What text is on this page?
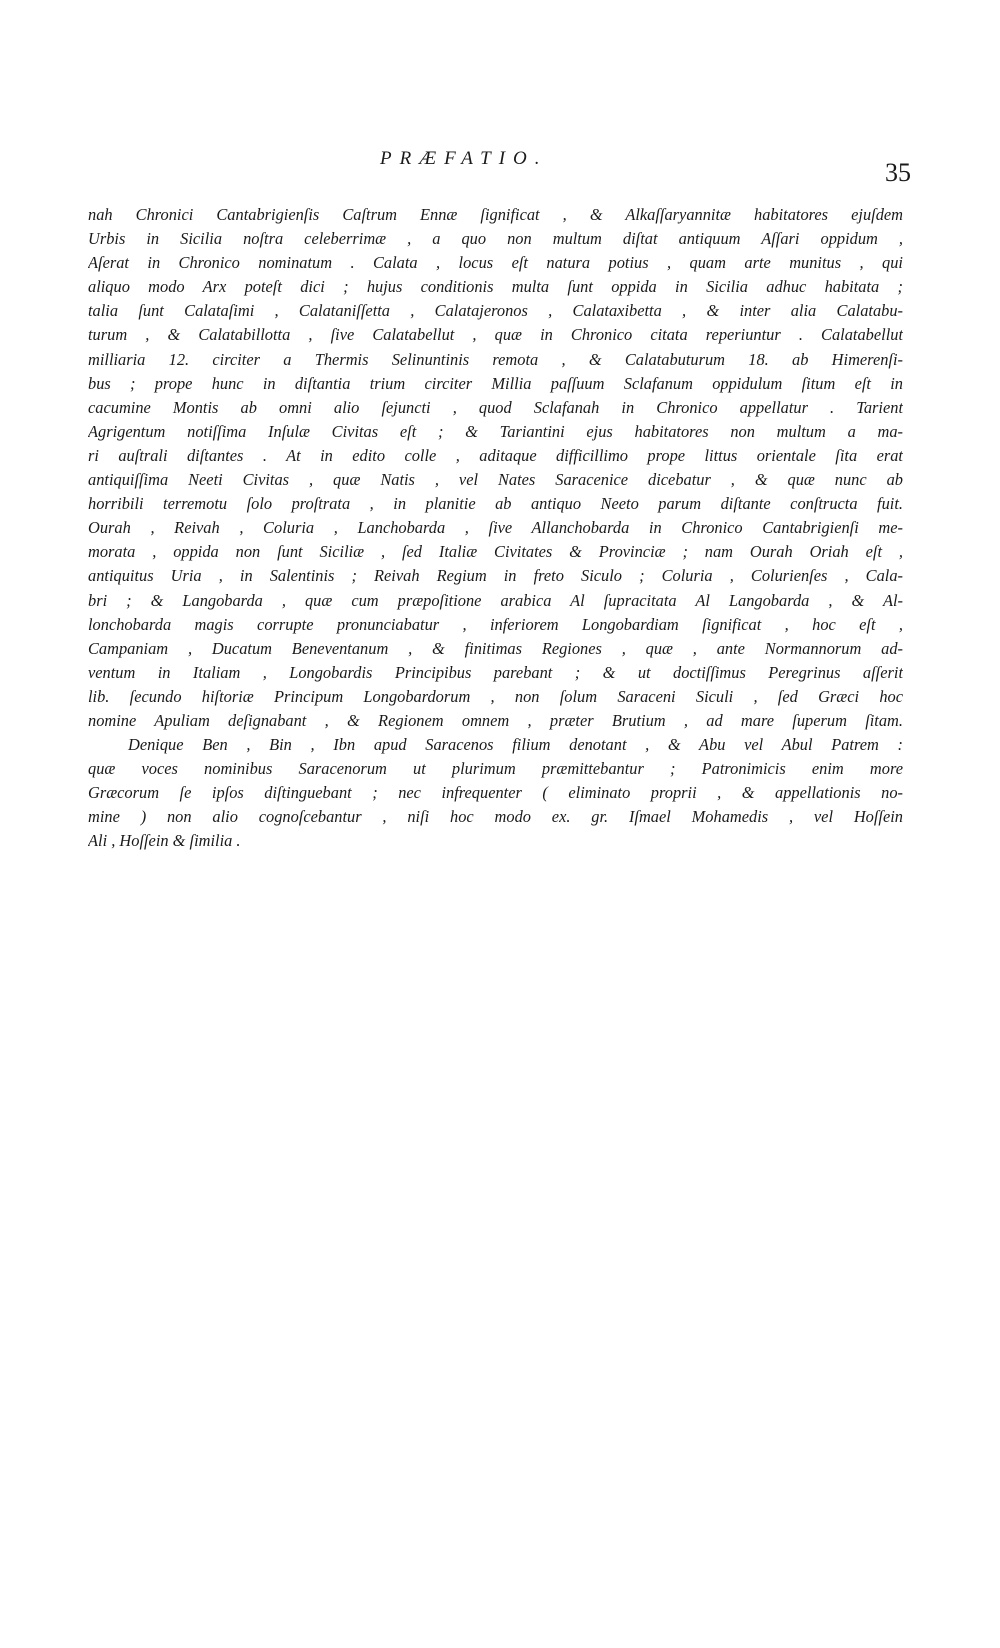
PRÆFATIO.	35
nah Chronici Cantabrigienſis Caſtrum Ennæ ſignificat , & Alkaſſaryannitæ habitatores ejuſdem
Urbis in Sicilia noſtra celeberrimæ , a quo non multum diſtat antiquum Aſſari oppidum ,
Aſerat in Chronico nominatum . Calata , locus eſt natura potius , quam arte munitus , qui
aliquo modo Arx poteſt dici ; hujus conditionis multa ſunt oppida in Sicilia adhuc habitata ;
talia ſunt Calataſimi , Calataniſſetta , Calatajeronos , Calataxibetta , & inter alia Calatabu-
turum , & Calatabillotta , ſive Calatabellut , quæ in Chronico citata reperiuntur . Calatabellut
milliaria 12. circiter a Thermis Selinuntinis remota , & Calatabuturum 18. ab Himerenſi-
bus ; prope hunc in diſtantia trium circiter Millia paſſuum Sclafanum oppidulum ſitum eſt in
cacumine Montis ab omni alio ſejuncti , quod Sclafanah in Chronico appellatur . Tarient
Agrigentum notiſſima Inſulæ Civitas eſt ; & Tariantini ejus habitatores non multum a ma-
ri auſtrali diſtantes . At in edito colle , aditaque difficillimo prope littus orientale ſita erat
antiquiſſima Neeti Civitas , quæ Natis , vel Nates Saracenice dicebatur , & quæ nunc ab
horribili terremotu ſolo proſtrata , in planitie ab antiquo Neeto parum diſtante conſtructa fuit.
Ourah , Reivah , Coluria , Lanchobarda , ſive Allanchobarda in Chronico Cantabrigienſi me-
morata , oppida non ſunt Siciliæ , ſed Italiæ Civitates & Provinciæ ; nam Ourah Oriah eſt ,
antiquitus Uria , in Salentinis ; Reivah Regium in freto Siculo ; Coluria , Colurienſes , Cala-
bri ; & Langobarda , quæ cum præpoſitione arabica Al ſupracitata Al Langobarda , & Al-
lonchobarda magis corrupte pronunciabatur , inferiorem Longobardiam ſignificat , hoc eſt ,
Campaniam , Ducatum Beneventanum , & finitimas Regiones , quæ , ante Normannorum ad-
ventum in Italiam , Longobardis Principibus parebant ; & ut doctiſſimus Peregrinus aſſerit
lib. ſecundo hiſtoriæ Principum Longobardorum , non ſolum Saraceni Siculi , ſed Græci hoc
nomine Apuliam deſignabant , & Regionem omnem , præter Brutium , ad mare ſuperum ſitam.
Denique Ben , Bin , Ibn apud Saracenos filium denotant , & Abu vel Abul Patrem :
quæ voces nominibus Saracenorum ut plurimum præmittebantur ; Patronimicis enim more
Græcorum ſe ipſos diſtinguebant ; nec infrequenter ( eliminato proprii , & appellationis no-
mine ) non alio cognoſcebantur , niſi hoc modo ex. gr. Iſmael Mohamedis , vel Hoſſein
Ali , Hoſſein & ſimilia .
